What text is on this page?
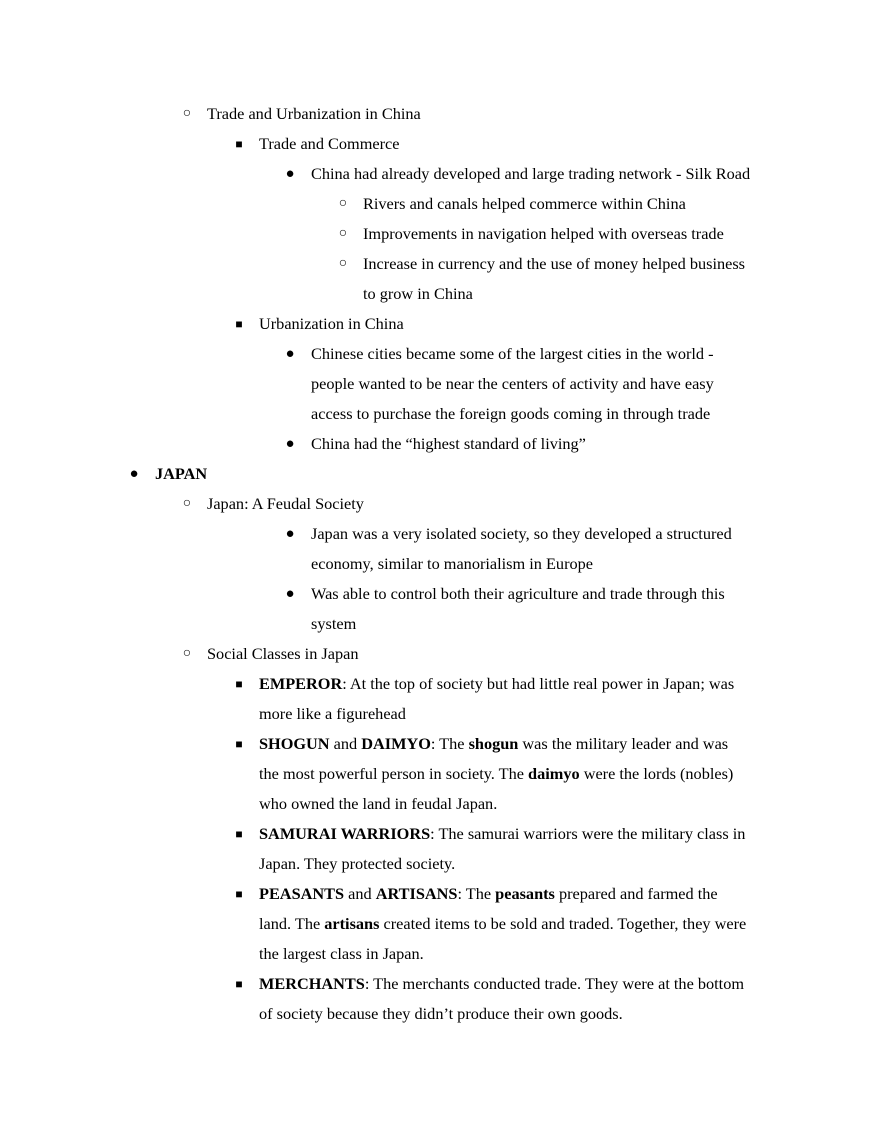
○ Trade and Urbanization in China
■ Trade and Commerce
● China had already developed and large trading network - Silk Road
○ Rivers and canals helped commerce within China
○ Improvements in navigation helped with overseas trade
○ Increase in currency and the use of money helped business
to grow in China
■ Urbanization in China
● Chinese cities became some of the largest cities in the world -
people wanted to be near the centers of activity and have easy
access to purchase the foreign goods coming in through trade
● China had the “highest standard of living”
● JAPAN
○ Japan: A Feudal Society
● Japan was a very isolated society, so they developed a structured
economy, similar to manorialism in Europe
● Was able to control both their agriculture and trade through this
system
○ Social Classes in Japan
■ EMPEROR: At the top of society but had little real power in Japan; was
more like a figurehead
■ SHOGUN and DAIMYO: The shogun was the military leader and was
the most powerful person in society. The daimyo were the lords (nobles)
who owned the land in feudal Japan.
■ SAMURAI WARRIORS: The samurai warriors were the military class in
Japan. They protected society.
■ PEASANTS and ARTISANS: The peasants prepared and farmed the
land. The artisans created items to be sold and traded. Together, they were
the largest class in Japan.
■ MERCHANTS: The merchants conducted trade. They were at the bottom
of society because they didn’t produce their own goods.
